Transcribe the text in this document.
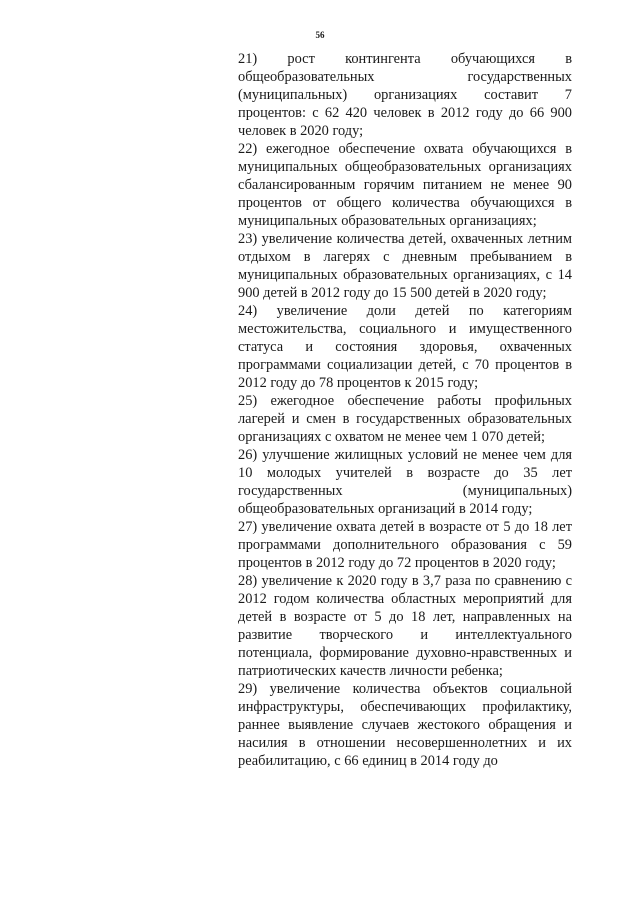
56

21) рост контингента обучающихся в общеобразовательных государственных (муниципальных) организациях составит 7 процентов: с 62 420 человек в 2012 году до 66 900 человек в 2020 году;

22) ежегодное обеспечение охвата обучающихся в муниципальных общеобразовательных организациях сбалансированным горячим питанием не менее 90 процентов от общего количества обучающихся в муниципальных образовательных организациях;

23) увеличение количества детей, охваченных летним отдыхом в лагерях с дневным пребыванием в муниципальных образовательных организациях, с 14 900 детей в 2012 году до 15 500 детей в 2020 году;

24) увеличение доли детей по категориям местожительства, социального и имущественного статуса и состояния здоровья, охваченных программами социализации детей, с 70 процентов в 2012 году до 78 процентов к 2015 году;

25) ежегодное обеспечение работы профильных лагерей и смен в государственных образовательных организациях с охватом не менее чем 1 070 детей;

26) улучшение жилищных условий не менее чем для 10 молодых учителей в возрасте до 35 лет государственных (муниципальных) общеобразовательных организаций в 2014 году;

27) увеличение охвата детей в возрасте от 5 до 18 лет программами дополнительного образования с 59 процентов в 2012 году до 72 процентов в 2020 году;

28) увеличение к 2020 году в 3,7 раза по сравнению с 2012 годом количества областных мероприятий для детей в возрасте от 5 до 18 лет, направленных на развитие творческого и интеллектуального потенциала, формирование духовно-нравственных и патриотических качеств личности ребенка;

29) увеличение количества объектов социальной инфраструктуры, обеспечивающих профилактику, раннее выявление случаев жестокого обращения и насилия в отношении несовершеннолетних и их реабилитацию, с 66 единиц в 2014 году до
